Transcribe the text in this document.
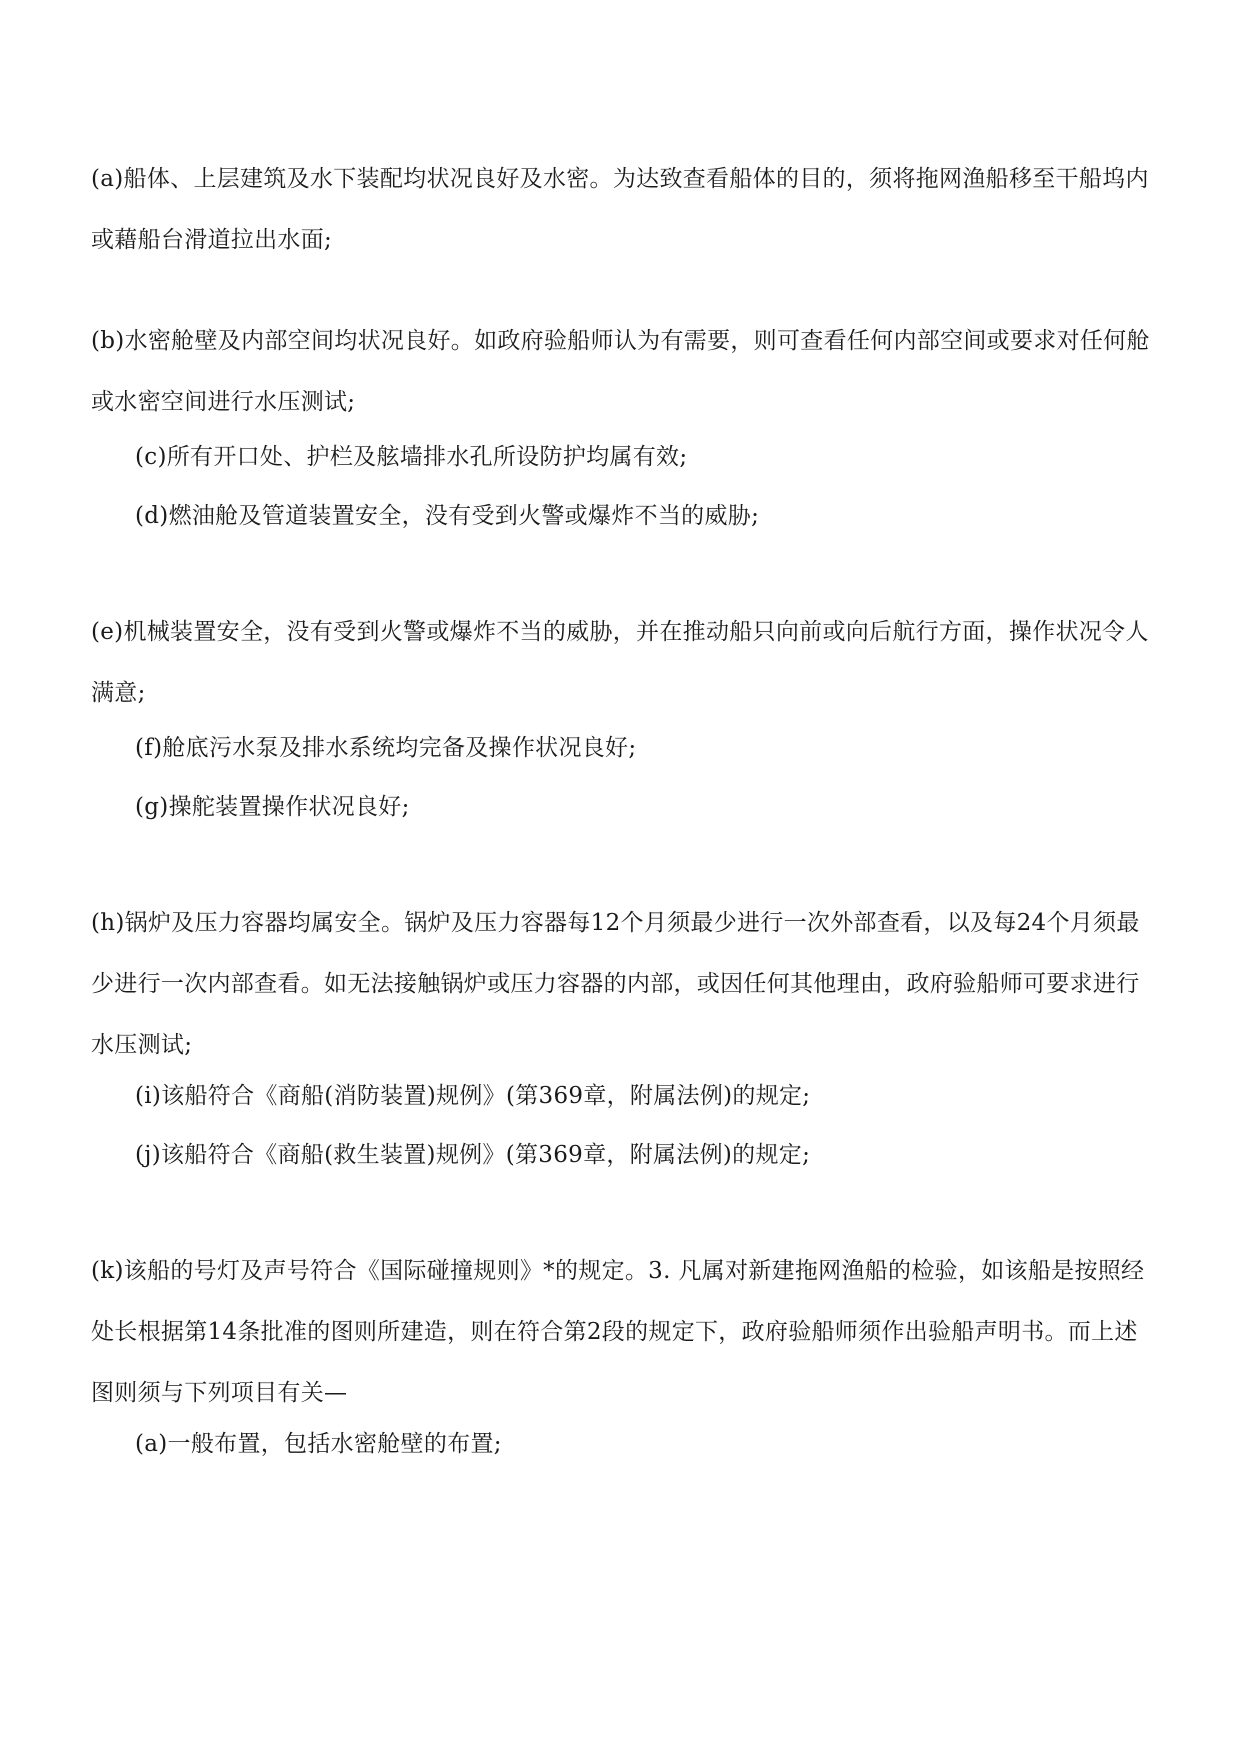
(a)船体、上层建筑及水下装配均状况良好及水密。为达致查看船体的目的，须将拖网渔船移至干船坞内或藉船台滑道拉出水面;

(b)水密舱壁及内部空间均状况良好。如政府验船师认为有需要，则可查看任何内部空间或要求对任何舱或水密空间进行水压测试;

(c)所有开口处、护栏及舷墙排水孔所设防护均属有效;

(d)燃油舱及管道装置安全，没有受到火警或爆炸不当的威胁;

(e)机械装置安全，没有受到火警或爆炸不当的威胁，并在推动船只向前或向后航行方面，操作状况令人满意;

(f)舱底污水泵及排水系统均完备及操作状况良好;

(g)操舵装置操作状况良好;

(h)锅炉及压力容器均属安全。锅炉及压力容器每12个月须最少进行一次外部查看，以及每24个月须最少进行一次内部查看。如无法接触锅炉或压力容器的内部，或因任何其他理由，政府验船师可要求进行水压测试;

(i)该船符合《商船(消防装置)规例》(第369章，附属法例)的规定;

(j)该船符合《商船(救生装置)规例》(第369章，附属法例)的规定;

(k)该船的号灯及声号符合《国际碰撞规则》*的规定。3. 凡属对新建拖网渔船的检验，如该船是按照经处长根据第14条批准的图则所建造，则在符合第2段的规定下，政府验船师须作出验船声明书。而上述图则须与下列项目有关—

(a)一般布置，包括水密舱壁的布置;
